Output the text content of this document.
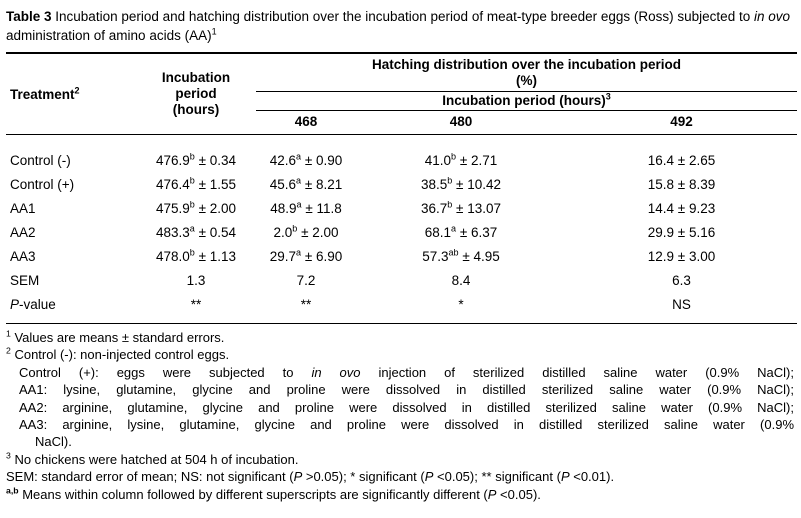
Table 3 Incubation period and hatching distribution over the incubation period of meat-type breeder eggs (Ross) subjected to in ovo administration of amino acids (AA)$^1$
Treatment$^2$	
Incubation
period
(hours)

Hatching distribution over the incubation period
(%)

		Incubation period (hours)$^3$
		468	480	492
Control (-)	476.9$^b$ ± 0.34	42.6$^a$ ± 0.90	41.0$^b$ ± 2.71	16.4 ± 2.65
Control (+)	476.4$^b$ ± 1.55	45.6$^a$ ± 8.21	38.5$^b$ ± 10.42	15.8 ± 8.39
AA1	475.9$^b$ ± 2.00	48.9$^a$ ± 11.8	36.7$^b$ ± 13.07	14.4 ± 9.23
AA2	483.3$^a$ ± 0.54	2.0$^b$ ± 2.00	68.1$^a$ ± 6.37	29.9 ± 5.16
AA3	478.0$^b$ ± 1.13	29.7$^a$ ± 6.90	57.3$^{ab}$ ± 4.95	12.9 ± 3.00
SEM	1.3	7.2	8.4	6.3
P-value	**	**	*	NS
$^1$ Values are means ± standard errors.
$^2$ Control (-): non-injected control eggs.
Control (+): eggs were subjected to in ovo injection of sterilized distilled saline water (0.9% NaCl);
AA1: lysine, glutamine, glycine and proline were dissolved in distilled sterilized saline water (0.9% NaCl);
AA2: arginine, glutamine, glycine and proline were dissolved in distilled sterilized saline water (0.9% NaCl);
AA3: arginine, lysine, glutamine, glycine and proline were dissolved in distilled sterilized saline water (0.9%
NaCl).
$^3$ No chickens were hatched at 504 h of incubation.
SEM: standard error of mean; NS: not significant (P >0.05); * significant (P <0.05); ** significant (P <0.01).
$^{a,b}$ Means within column followed by different superscripts are significantly different (P <0.05).
